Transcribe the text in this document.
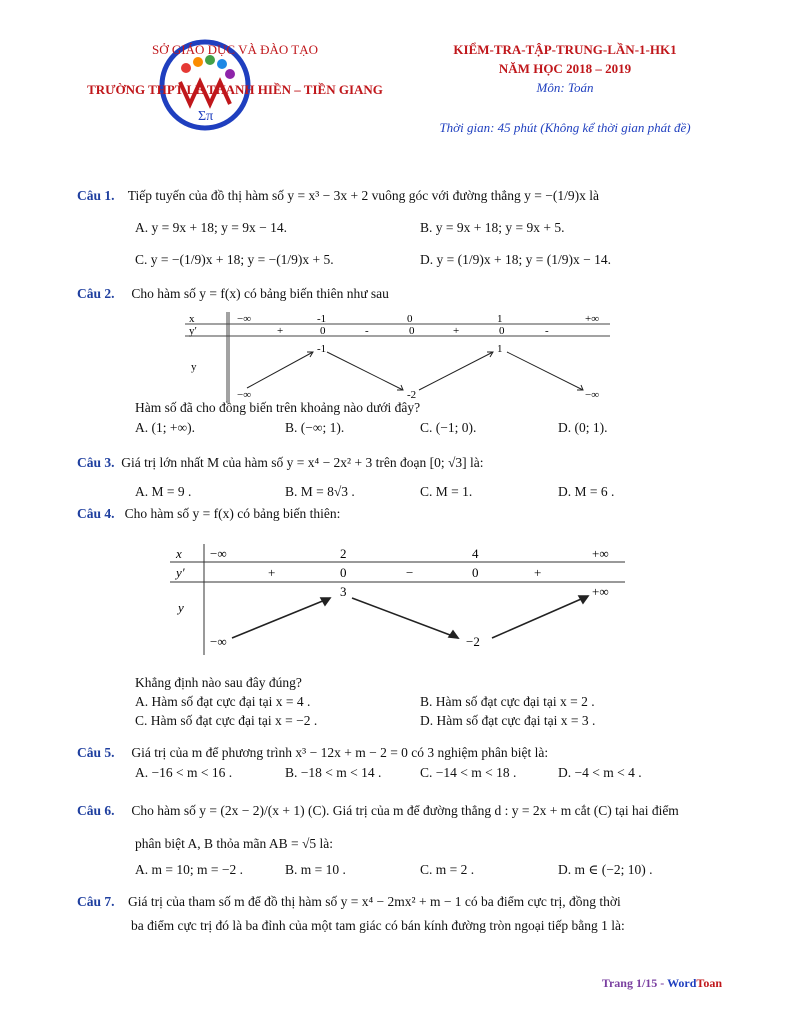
Σπ
SỞ GIÁO DỤC VÀ ĐÀO TẠO
TRƯỜNG THPT LÊ THANH HIỀN – TIỀN GIANG
KIỂM-TRA-TẬP-TRUNG-LẦN-1-HK1
NĂM HỌC 2018 – 2019
Môn: Toán
Thời gian: 45 phút (Không kể thời gian phát đề)
Câu 1. Tiếp tuyến của đồ thị hàm số y = x³ − 3x + 2 vuông góc với đường thẳng y = −(1/9)x là
A. y = 9x + 18; y = 9x − 14.	B. y = 9x + 18; y = 9x + 5.
C. y = −(1/9)x + 18; y = −(1/9)x + 5.	D. y = (1/9)x + 18; y = (1/9)x − 14.
Câu 2. Cho hàm số y = f(x) có bảng biến thiên như sau
x	−∞	-1	0	1	+∞
y′	+	0	-	0	+	0	-
y
-1	1
−∞	-2	−∞
Hàm số đã cho đồng biến trên khoảng nào dưới đây?
A. (1; +∞).	B. (−∞; 1).	C. (−1; 0).	D. (0; 1).
Câu 3. Giá trị lớn nhất M của hàm số y = x⁴ − 2x² + 3 trên đoạn [0; √3] là:
A. M = 9 .	B. M = 8√3 .	C. M = 1.	D. M = 6 .
Câu 4. Cho hàm số y = f(x) có bảng biến thiên:
x −∞	2	4	+∞
y′	+	0	−	0	+
y
3	+∞
−∞	−2
Khẳng định nào sau đây đúng?
A. Hàm số đạt cực đại tại x = 4 .	B. Hàm số đạt cực đại tại x = 2 .
C. Hàm số đạt cực đại tại x = −2 .	D. Hàm số đạt cực đại tại x = 3 .
Câu 5. Giá trị của m để phương trình x³ − 12x + m − 2 = 0 có 3 nghiệm phân biệt là:
A. −16 < m < 16 .	B. −18 < m < 14 .	C. −14 < m < 18 .	D. −4 < m < 4 .
Câu 6. Cho hàm số y = (2x − 2)/(x + 1) (C). Giá trị của m để đường thẳng d : y = 2x + m cắt (C) tại hai điểm
phân biệt A, B thỏa mãn AB = √5 là:
A. m = 10; m = −2 .	B. m = 10 .	C. m = 2 .	D. m ∈ (−2; 10) .
Câu 7. Giá trị của tham số m để đồ thị hàm số y = x⁴ − 2mx² + m − 1 có ba điểm cực trị, đồng thời
ba điểm cực trị đó là ba đỉnh của một tam giác có bán kính đường tròn ngoại tiếp bằng 1 là:
Trang 1/15 - WordToan
